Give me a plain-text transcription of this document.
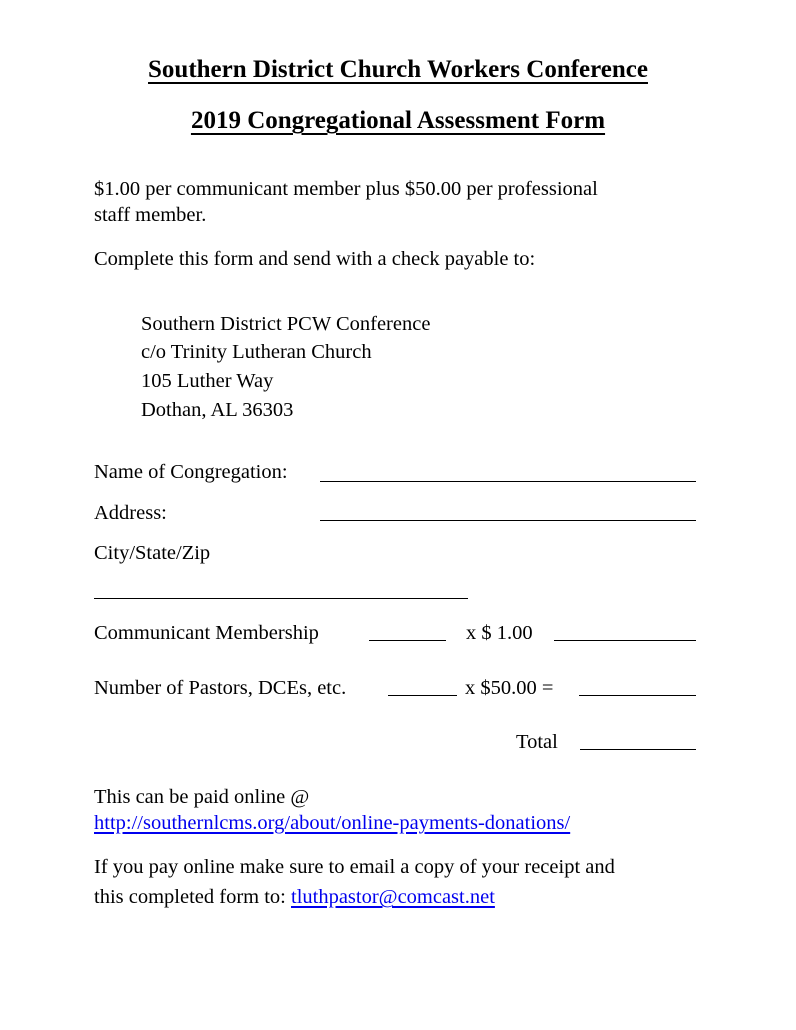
Southern District Church Workers Conference
2019 Congregational Assessment Form
$1.00 per communicant member plus $50.00 per professional
staff member.
Complete this form and send with a check payable to:
Southern District PCW Conference
c/o Trinity Lutheran Church
105 Luther Way
Dothan, AL 36303
Name of Congregation:
Address:
City/State/Zip
Communicant Membership	x $ 1.00
Number of Pastors, DCEs, etc.	x $50.00 =
Total
This can be paid online @
http://southernlcms.org/about/online-payments-donations/
If you pay online make sure to email a copy of your receipt and
this completed form to: tluthpastor@comcast.net
